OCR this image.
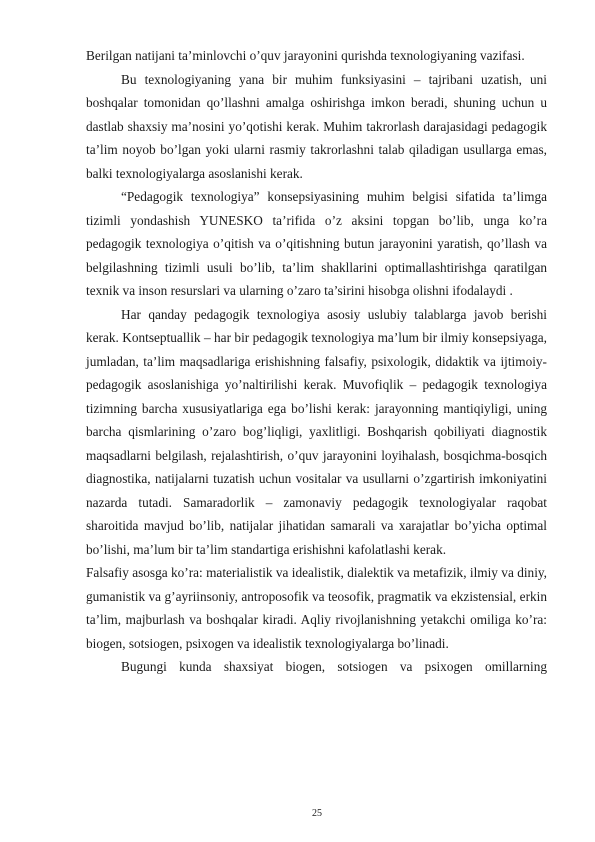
Berilgan natijani ta’minlovchi o’quv jarayonini qurishda texnologiyaning vazifasi.

Bu texnologiyaning yana bir muhim funksiyasini – tajribani uzatish, uni boshqalar tomonidan qo’llashni amalga oshirishga imkon beradi, shuning uchun u dastlab shaxsiy ma’nosini yo’qotishi kerak. Muhim takrorlash darajasidagi pedagogik ta’lim noyob bo’lgan yoki ularni rasmiy takrorlashni talab qiladigan usullarga emas, balki texnologiyalarga asoslanishi kerak.

“Pedagogik texnologiya” konsepsiyasining muhim belgisi sifatida ta’limga tizimli yondashish YUNESKO ta’rifida o’z aksini topgan bo’lib, unga ko’ra pedagogik texnologiya o’qitish va o’qitishning butun jarayonini yaratish, qo’llash va belgilashning tizimli usuli bo’lib, ta’lim shakllarini optimallashtirishga qaratilgan texnik va inson resurslari va ularning o’zaro ta’sirini hisobga olishni ifodalaydi .

Har qanday pedagogik texnologiya asosiy uslubiy talablarga javob berishi kerak. Kontseptuallik – har bir pedagogik texnologiya ma’lum bir ilmiy konsepsiyaga, jumladan, ta’lim maqsadlariga erishishning falsafiy, psixologik, didaktik va ijtimoiy-pedagogik asoslanishiga yo’naltirilishi kerak. Muvofiqlik – pedagogik texnologiya tizimning barcha xususiyatlariga ega bo’lishi kerak: jarayonning mantiqiyligi, uning barcha qismlarining o’zaro bog’liqligi, yaxlitligi. Boshqarish qobiliyati diagnostik maqsadlarni belgilash, rejalashtirish, o’quv jarayonini loyihalash, bosqichma-bosqich diagnostika, natijalarni tuzatish uchun vositalar va usullarni o’zgartirish imkoniyatini nazarda tutadi. Samaradorlik – zamonaviy pedagogik texnologiyalar raqobat sharoitida mavjud bo’lib, natijalar jihatidan samarali va xarajatlar bo’yicha optimal bo’lishi, ma’lum bir ta’lim standartiga erishishni kafolatlashi kerak.

Falsafiy asosga ko’ra: materialistik va idealistik, dialektik va metafizik, ilmiy va diniy, gumanistik va g’ayriinsoniy, antroposofik va teosofik, pragmatik va ekzistensial, erkin ta’lim, majburlash va boshqalar kiradi. Aqliy rivojlanishning yetakchi omiliga ko’ra: biogen, sotsiogen, psixogen va idealistik texnologiyalarga bo’linadi.

Bugungi kunda shaxsiyat biogen, sotsiogen va psixogen omillarning

25
